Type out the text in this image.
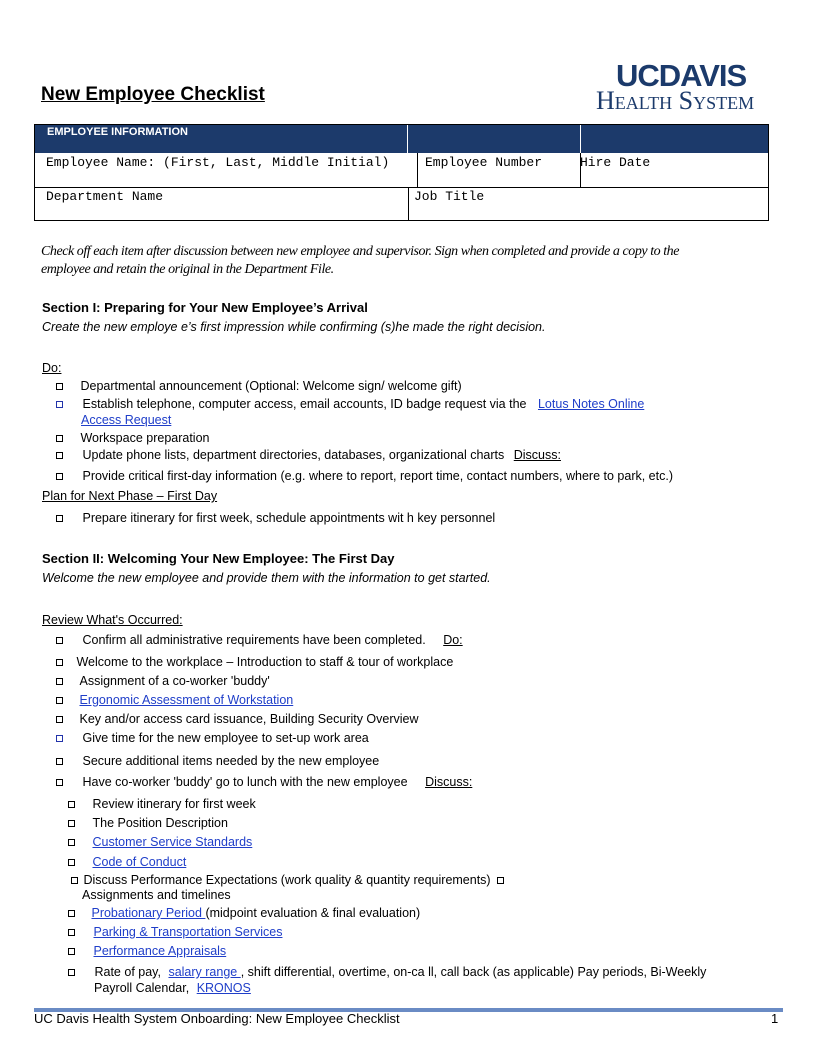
New Employee Checklist
UCDAVIS
Health System
EMPLOYEE INFORMATION
Employee Name: (First, Last, Middle Initial)	Employee Number	Hire Date
Department Name	Job Title
Check off each item after discussion between new employee and supervisor. Sign when completed and provide a copy to the
employee and retain the original in the Department File.
Section I: Preparing for Your New Employee’s Arrival
Create the new employe e’s first impression while confirming (s)he made the right decision.
Do:
Departmental announcement (Optional: Welcome sign/ welcome gift)
Establish telephone, computer access, email accounts, ID badge request via the Lotus Notes Online
Access Request
Workspace preparation
Update phone lists, department directories, databases, organizational charts Discuss:
Provide critical first-day information (e.g. where to report, report time, contact numbers, where to park, etc.)
Plan for Next Phase – First Day
Prepare itinerary for first week, schedule appointments wit h key personnel
Section II: Welcoming Your New Employee: The First Day
Welcome the new employee and provide them with the information to get started.
Review What's Occurred:
Confirm all administrative requirements have been completed. Do:
Welcome to the workplace – Introduction to staff & tour of workplace
Assignment of a co-worker 'buddy'
Ergonomic Assessment of Workstation
Key and/or access card issuance, Building Security Overview
Give time for the new employee to set-up work area
Secure additional items needed by the new employee
Have co-worker 'buddy' go to lunch with the new employee Discuss:
Review itinerary for first week
The Position Description
Customer Service Standards
Code of Conduct
Discuss Performance Expectations (work quality & quantity requirements)
Assignments and timelines
Probationary Period (midpoint evaluation & final evaluation)
Parking & Transportation Services
Performance Appraisals
Rate of pay, salary range , shift differential, overtime, on-ca ll, call back (as applicable) Pay periods, Bi-Weekly
Payroll Calendar, KRONOS
UC Davis Health System Onboarding: New Employee Checklist	1
